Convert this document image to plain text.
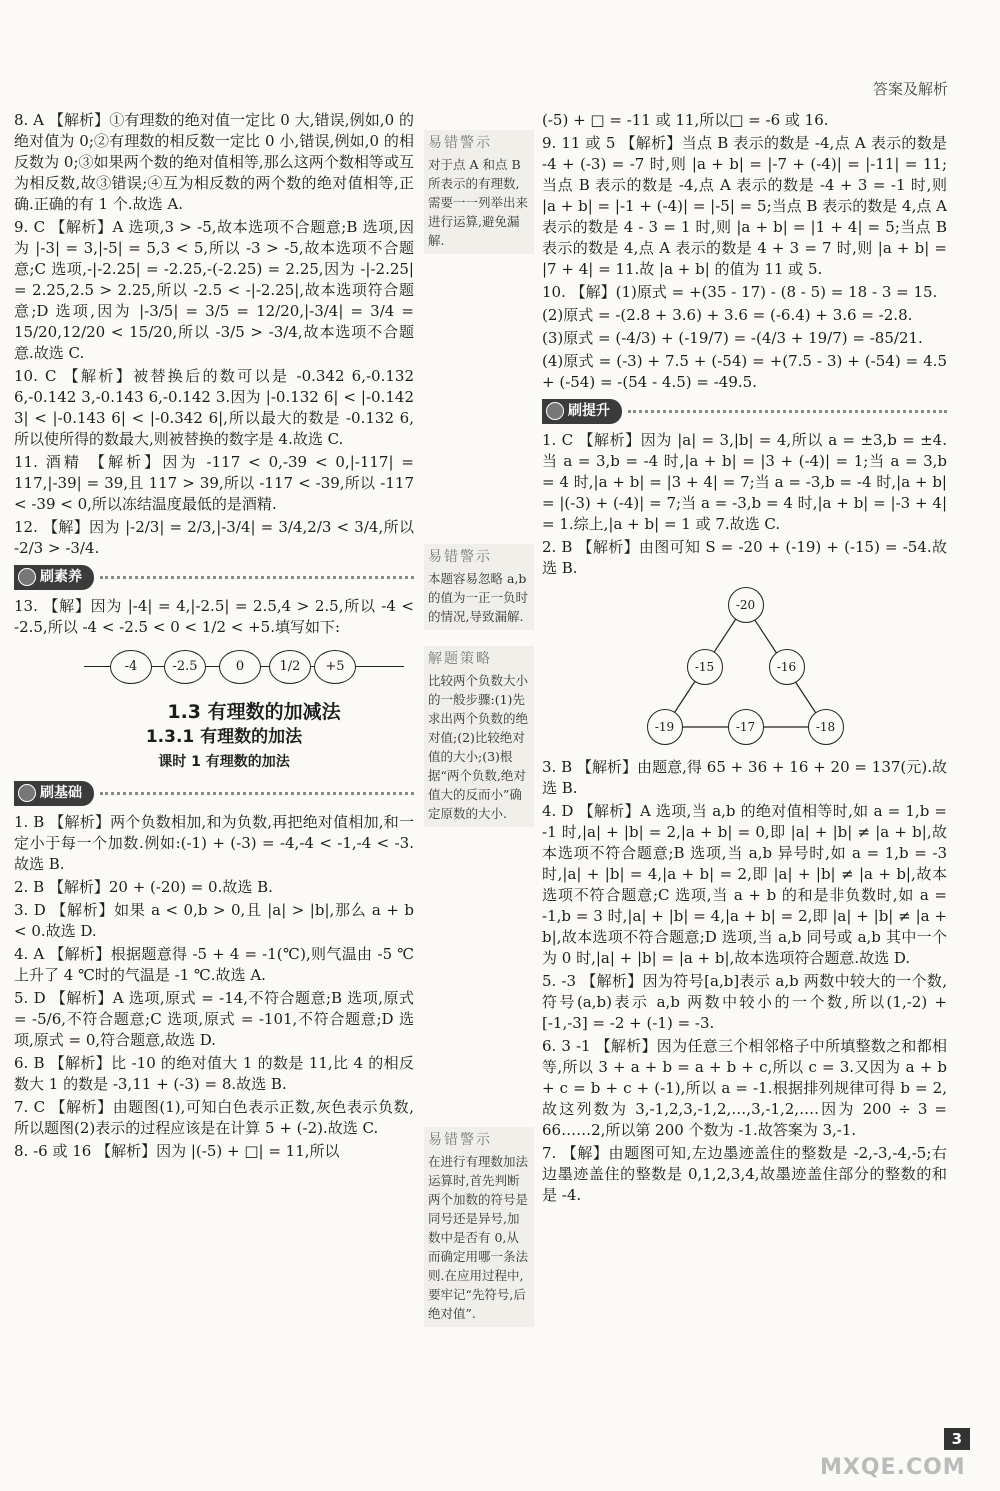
答案及解析

8. A 【解析】①有理数的绝对值一定比 0 大,错误,例如,0 的绝对值为 0;②有理数的相反数一定比 0 小,错误,例如,0 的相反数为 0;③如果两个数的绝对值相等,那么这两个数相等或互为相反数,故③错误;④互为相反数的两个数的绝对值相等,正确.正确的有 1 个.故选 A.

9. C 【解析】A 选项,3 > -5,故本选项不合题意;B 选项,因为 |-3| = 3,|-5| = 5,3 < 5,所以 -3 > -5,故本选项不合题意;C 选项,-|-2.25| = -2.25,-(-2.25) = 2.25,因为 -|-2.25| = 2.25,2.5 > 2.25,所以 -2.5 < -|-2.25|,故本选项符合题意;D 选项,因为 |-3/5| = 3/5 = 12/20,|-3/4| = 3/4 = 15/20,12/20 < 15/20,所以 -3/5 > -3/4,故本选项不合题意.故选 C.

10. C 【解析】被替换后的数可以是 -0.342 6,-0.132 6,-0.142 3,-0.143 6,-0.142 3.因为 |-0.132 6| < |-0.142 3| < |-0.143 6| < |-0.342 6|,所以最大的数是 -0.132 6,所以使所得的数最大,则被替换的数字是 4.故选 C.

11. 酒精 【解析】因为 -117 < 0,-39 < 0,|-117| = 117,|-39| = 39,且 117 > 39,所以 -117 < -39,所以 -117 < -39 < 0,所以冻结温度最低的是酒精.

12. 【解】因为 |-2/3| = 2/3,|-3/4| = 3/4,2/3 < 3/4,所以 -2/3 > -3/4.

刷素养

13. 【解】因为 |-4| = 4,|-2.5| = 2.5,4 > 2.5,所以 -4 < -2.5,所以 -4 < -2.5 < 0 < 1/2 < +5.填写如下:

-4	-2.5	0	1/2	+5
1.3 有理数的加减法
1.3.1 有理数的加法
课时 1 有理数的加法
刷基础

1. B 【解析】两个负数相加,和为负数,再把绝对值相加,和一定小于每一个加数.例如:(-1) + (-3) = -4,-4 < -1,-4 < -3.故选 B.

2. B 【解析】20 + (-20) = 0.故选 B.

3. D 【解析】如果 a < 0,b > 0,且 |a| > |b|,那么 a + b < 0.故选 D.

4. A 【解析】根据题意得 -5 + 4 = -1(℃),则气温由 -5 ℃上升了 4 ℃时的气温是 -1 ℃.故选 A.

5. D 【解析】A 选项,原式 = -14,不符合题意;B 选项,原式 = -5/6,不符合题意;C 选项,原式 = -101,不符合题意;D 选项,原式 = 0,符合题意,故选 D.

6. B 【解析】比 -10 的绝对值大 1 的数是 11,比 4 的相反数大 1 的数是 -3,11 + (-3) = 8.故选 B.

7. C 【解析】由题图(1),可知白色表示正数,灰色表示负数,所以题图(2)表示的过程应该是在计算 5 + (-2).故选 C.

8. -6 或 16 【解析】因为 |(-5) + □| = 11,所以

易错警示
对于点 A 和点 B 所表示的有理数,需要一一列举出来进行运算,避免漏解.
易错警示
本题容易忽略 a,b 的值为一正一负时的情况,导致漏解.
解题策略
比较两个负数大小的一般步骤:(1)先求出两个负数的绝对值;(2)比较绝对值的大小;(3)根据“两个负数,绝对值大的反而小”确定原数的大小.
易错警示
在进行有理数加法运算时,首先判断两个加数的符号是同号还是异号,加数中是否有 0,从而确定用哪一条法则.在应用过程中,要牢记“先符号,后绝对值”.

(-5) + □ = -11 或 11,所以□ = -6 或 16.

9. 11 或 5 【解析】当点 B 表示的数是 -4,点 A 表示的数是 -4 + (-3) = -7 时,则 |a + b| = |-7 + (-4)| = |-11| = 11;当点 B 表示的数是 -4,点 A 表示的数是 -4 + 3 = -1 时,则 |a + b| = |-1 + (-4)| = |-5| = 5;当点 B 表示的数是 4,点 A 表示的数是 4 - 3 = 1 时,则 |a + b| = |1 + 4| = 5;当点 B 表示的数是 4,点 A 表示的数是 4 + 3 = 7 时,则 |a + b| = |7 + 4| = 11.故 |a + b| 的值为 11 或 5.

10. 【解】(1)原式 = +(35 - 17) - (8 - 5) = 18 - 3 = 15.

(2)原式 = -(2.8 + 3.6) + 3.6 = (-6.4) + 3.6 = -2.8.

(3)原式 = (-4/3) + (-19/7) = -(4/3 + 19/7) = -85/21.

(4)原式 = (-3) + 7.5 + (-54) = +(7.5 - 3) + (-54) = 4.5 + (-54) = -(54 - 4.5) = -49.5.

刷提升

1. C 【解析】因为 |a| = 3,|b| = 4,所以 a = ±3,b = ±4.当 a = 3,b = -4 时,|a + b| = |3 + (-4)| = 1;当 a = 3,b = 4 时,|a + b| = |3 + 4| = 7;当 a = -3,b = -4 时,|a + b| = |(-3) + (-4)| = 7;当 a = -3,b = 4 时,|a + b| = |-3 + 4| = 1.综上,|a + b| = 1 或 7.故选 C.

2. B 【解析】由图可知 S = -20 + (-19) + (-15) = -54.故选 B.

-20
-15	-16
-19	-17	-18

3. B 【解析】由题意,得 65 + 36 + 16 + 20 = 137(元).故选 B.

4. D 【解析】A 选项,当 a,b 的绝对值相等时,如 a = 1,b = -1 时,|a| + |b| = 2,|a + b| = 0,即 |a| + |b| ≠ |a + b|,故本选项不符合题意;B 选项,当 a,b 异号时,如 a = 1,b = -3 时,|a| + |b| = 4,|a + b| = 2,即 |a| + |b| ≠ |a + b|,故本选项不符合题意;C 选项,当 a + b 的和是非负数时,如 a = -1,b = 3 时,|a| + |b| = 4,|a + b| = 2,即 |a| + |b| ≠ |a + b|,故本选项不符合题意;D 选项,当 a,b 同号或 a,b 其中一个为 0 时,|a| + |b| = |a + b|,故本选项符合题意.故选 D.

5. -3 【解析】因为符号[a,b]表示 a,b 两数中较大的一个数,符号(a,b)表示 a,b 两数中较小的一个数,所以(1,-2) + [-1,-3] = -2 + (-1) = -3.

6. 3 -1 【解析】因为任意三个相邻格子中所填整数之和都相等,所以 3 + a + b = a + b + c,所以 c = 3.又因为 a + b + c = b + c + (-1),所以 a = -1.根据排列规律可得 b = 2,故这列数为 3,-1,2,3,-1,2,…,3,-1,2,….因为 200 ÷ 3 = 66……2,所以第 200 个数为 -1.故答案为 3,-1.

7. 【解】由题图可知,左边墨迹盖住的整数是 -2,-3,-4,-5;右边墨迹盖住的整数是 0,1,2,3,4,故墨迹盖住部分的整数的和是 -4.

3
MXQE.COM
